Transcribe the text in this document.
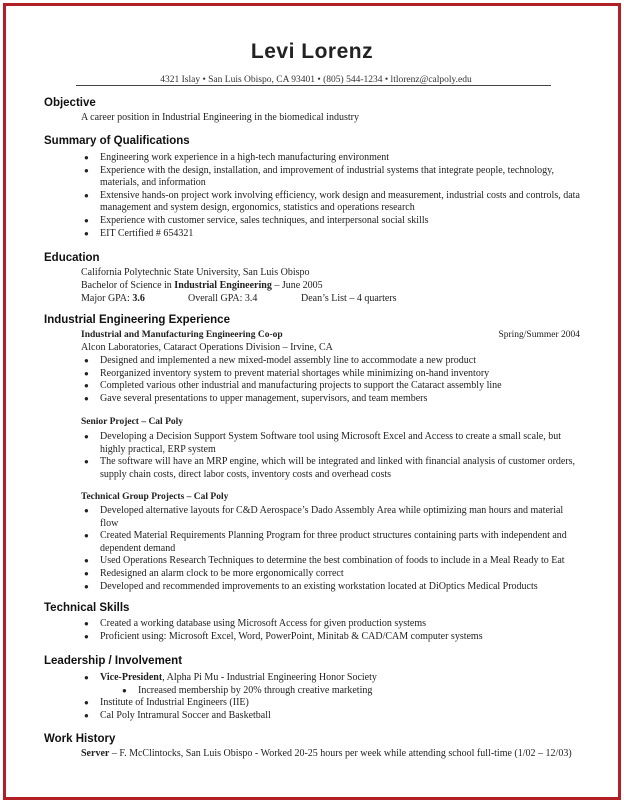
Levi Lorenz
4321 Islay • San Luis Obispo, CA 93401 • (805) 544-1234 • ltlorenz@calpoly.edu
Objective
A career position in Industrial Engineering in the biomedical industry
Summary of Qualifications
● Engineering work experience in a high-tech manufacturing environment
● Experience with the design, installation, and improvement of industrial systems that integrate people, technology, materials, and information
● Extensive hands-on project work involving efficiency, work design and measurement, industrial costs and controls, data management and system design, ergonomics, statistics and operations research
● Experience with customer service, sales techniques, and interpersonal social skills
● EIT Certified # 654321
Education
California Polytechnic State University, San Luis Obispo
Bachelor of Science in Industrial Engineering – June 2005
Major GPA: 3.6	Overall GPA: 3.4	Dean’s List – 4 quarters
Industrial Engineering Experience
Industrial and Manufacturing Engineering Co-op	Spring/Summer 2004
Alcon Laboratories, Cataract Operations Division – Irvine, CA
● Designed and implemented a new mixed-model assembly line to accommodate a new product
● Reorganized inventory system to prevent material shortages while minimizing on-hand inventory
● Completed various other industrial and manufacturing projects to support the Cataract assembly line
● Gave several presentations to upper management, supervisors, and team members
Senior Project – Cal Poly
● Developing a Decision Support System Software tool using Microsoft Excel and Access to create a small scale, but highly practical, ERP system
● The software will have an MRP engine, which will be integrated and linked with financial analysis of customer orders, supply chain costs, direct labor costs, inventory costs and overhead costs
Technical Group Projects – Cal Poly
● Developed alternative layouts for C&D Aerospace’s Dado Assembly Area while optimizing man hours and material flow
● Created Material Requirements Planning Program for three product structures containing parts with independent and dependent demand
● Used Operations Research Techniques to determine the best combination of foods to include in a Meal Ready to Eat
● Redesigned an alarm clock to be more ergonomically correct
● Developed and recommended improvements to an existing workstation located at DiOptics Medical Products
Technical Skills
● Created a working database using Microsoft Access for given production systems
● Proficient using: Microsoft Excel, Word, PowerPoint, Minitab & CAD/CAM computer systems
Leadership / Involvement
● Vice-President, Alpha Pi Mu - Industrial Engineering Honor Society
● Increased membership by 20% through creative marketing
● Institute of Industrial Engineers (IIE)
● Cal Poly Intramural Soccer and Basketball
Work History
Server – F. McClintocks, San Luis Obispo - Worked 20-25 hours per week while attending school full-time (1/02 – 12/03)
